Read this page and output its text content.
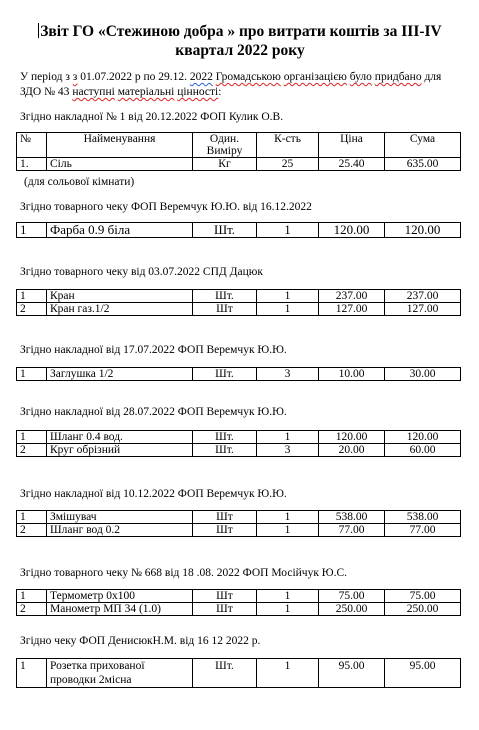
Звіт ГО «Стежиною добра » про витрати коштів за ІІІ-ІV
квартал 2022 року
У період з з 01.07.2022 р по 29.12. 2022 Громадською організацією було придбано для ЗДО № 43 наступні матеріальні цінності:
Згідно накладної № 1 від 20.12.2022 ФОП Кулик О.В.
№	Найменування	Один. Виміру	К-сть	Ціна	Сума
1.	Сіль	Кг	25	25.40	635.00
(для сольової кімнати)
Згідно товарного чеку ФОП Веремчук Ю.Ю. від 16.12.2022
1	Фарба 0.9 біла	Шт.	1	120.00	120.00
Згідно товарного чеку від 03.07.2022 СПД Дацюк
1	Кран	Шт.	1	237.00	237.00
2	Кран газ.1/2	Шт	1	127.00	127.00
Згідно накладної від 17.07.2022 ФОП Веремчук Ю.Ю.
1	Заглушка 1/2	Шт.	3	10.00	30.00
Згідно накладної від 28.07.2022 ФОП Веремчук Ю.Ю.
1	Шланг 0.4 вод.	Шт.	1	120.00	120.00
2	Круг обрізний	Шт.	3	20.00	60.00
Згідно накладної від 10.12.2022 ФОП Веремчук Ю.Ю.
1	Змішувач	Шт	1	538.00	538.00
2	Шланг вод 0.2	Шт	1	77.00	77.00
Згідно товарного чеку № 668 від 18 .08. 2022 ФОП Мосійчук Ю.С.
1	Термометр 0х100	Шт	1	75.00	75.00
2	Манометр МП 34 (1.0)	Шт	1	250.00	250.00
Згідно чеку ФОП ДенисюкН.М. від 16 12 2022 р.
1	Розетка прихованої проводки 2місна	Шт.	1	95.00	95.00
